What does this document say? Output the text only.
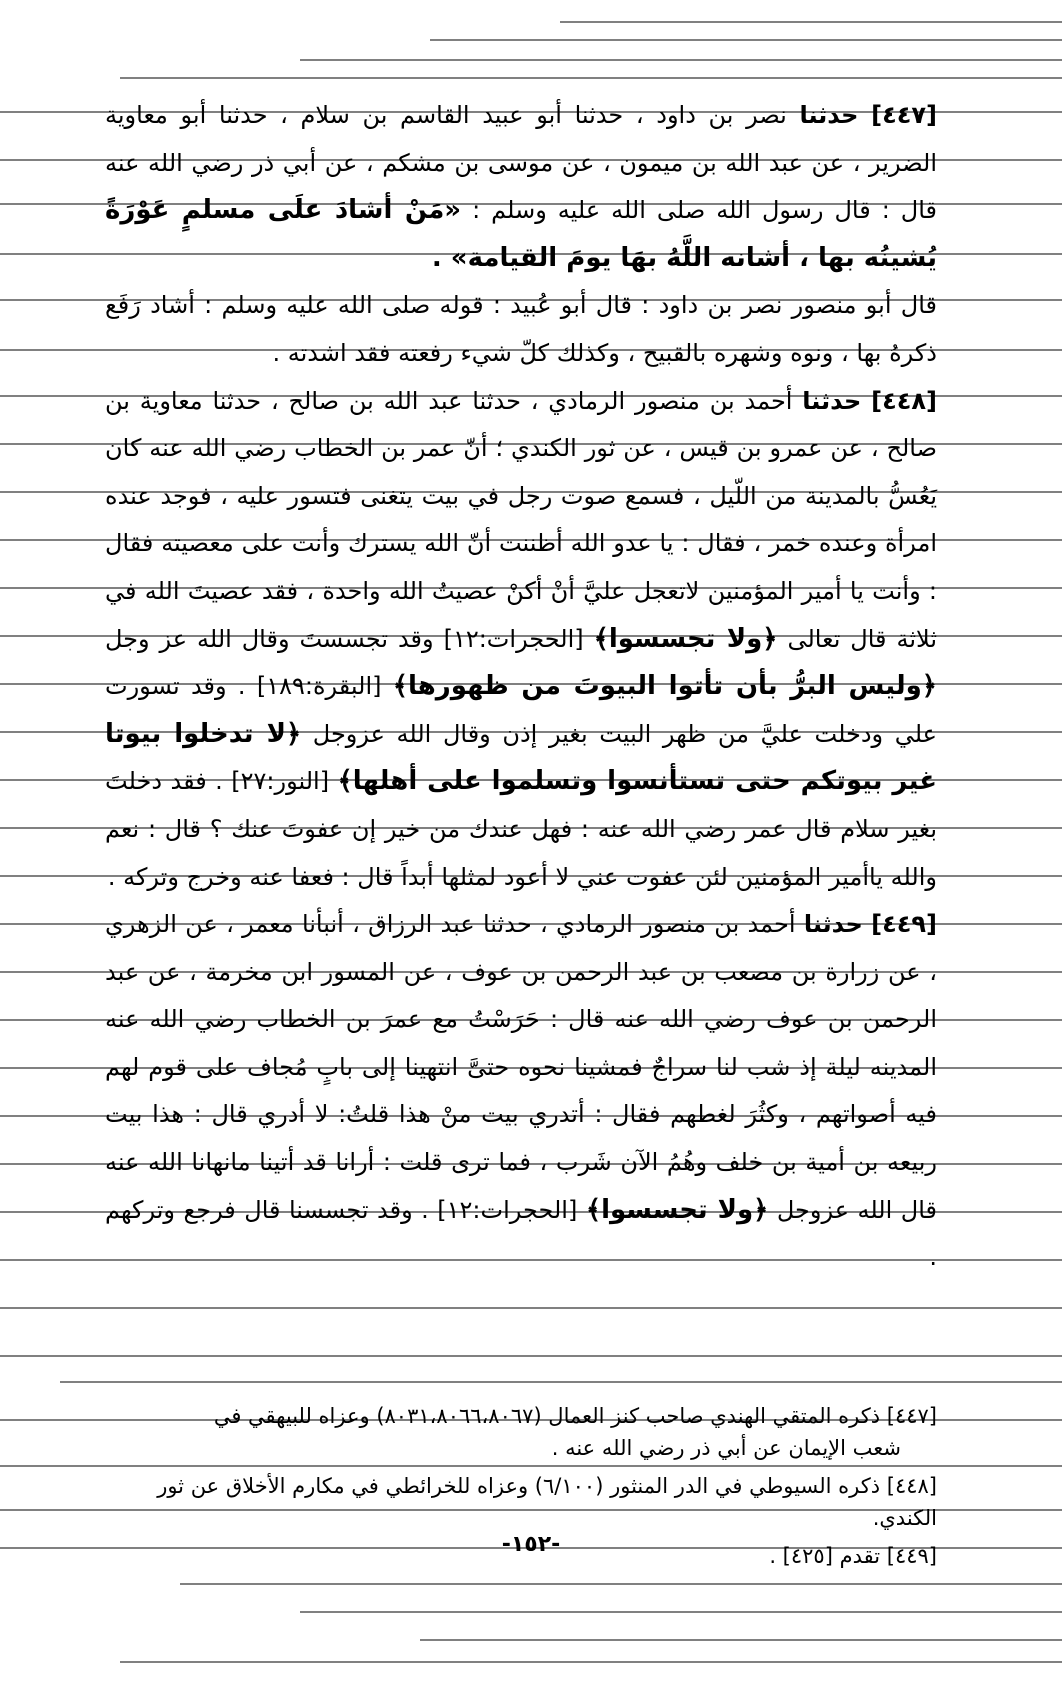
[٤٤٧] حدثنا نصر بن داود ، حدثنا أبو عبيد القاسم بن سلام ، حدثنا أبو معاوية الضرير ، عن عبد الله بن ميمون ، عن موسى بن مشكم ، عن أبي ذر رضي الله عنه قال : قال رسول الله صلى الله عليه وسلم : «مَنْ أشادَ علَى مسلمٍ عَوْرَةً يُشينُه بها ، أشانه اللَّهُ بهَا يومَ القيامة» .

قال أبو منصور نصر بن داود : قال أبو عُبيد : قوله صلى الله عليه وسلم : أشاد رَفَع ذكرهُ بها ، ونوه وشهره بالقبيح ، وكذلك كلّ شيء رفعته فقد اشدته .

[٤٤٨] حدثنا أحمد بن منصور الرمادي ، حدثنا عبد الله بن صالح ، حدثنا معاوية بن صالح ، عن عمرو بن قيس ، عن ثور الكندي ؛ أنّ عمر بن الخطاب رضي الله عنه كان يَعُسُّ بالمدينة من اللّيل ، فسمع صوت رجل في بيت يتغنى فتسور عليه ، فوجد عنده امرأة وعنده خمر ، فقال : يا عدو الله أظننت أنّ الله يسترك وأنت على معصيته فقال : وأنت يا أمير المؤمنين لاتعجل عليَّ أنْ أكنْ عصيتُ الله واحدة ، فقد عصيتَ الله في ثلاثة قال تعالى ﴿ولا تجسسوا﴾ [الحجرات:١٢] وقد تجسستَ وقال الله عز وجل ﴿وليس البرُّ بأن تأتوا البيوتَ من ظهورها﴾ [البقرة:١٨٩] . وقد تسورت علي ودخلت عليَّ من ظهر البيت بغير إذن وقال الله عزوجل ﴿لا تدخلوا بيوتا غير بيوتكم حتى تستأنسوا وتسلموا على أهلها﴾ [النور:٢٧] . فقد دخلتَ بغير سلام قال عمر رضي الله عنه : فهل عندك من خير إن عفوتَ عنك ؟ قال : نعم والله ياأمير المؤمنين لئن عفوت عني لا أعود لمثلها أبداً قال : فعفا عنه وخرج وتركه .

[٤٤٩] حدثنا أحمد بن منصور الرمادي ، حدثنا عبد الرزاق ، أنبأنا معمر ، عن الزهري ، عن زرارة بن مصعب بن عبد الرحمن بن عوف ، عن المسور ابن مخرمة ، عن عبد الرحمن بن عوف رضي الله عنه قال : حَرَسْتُ مع عمرَ بن الخطاب رضي الله عنه المدينه ليلة إذ شب لنا سراجٌ فمشينا نحوه حتىَّ انتهينا إلى بابٍ مُجاف على قوم لهم فيه أصواتهم ، وكثُرَ لغطهم فقال : أتدري بيت منْ هذا قلتُ: لا أدري قال : هذا بيت ربيعه بن أمية بن خلف وهُمُ الآن شَرب ، فما ترى قلت : أرانا قد أتينا مانهانا الله عنه قال الله عزوجل ﴿ولا تجسسوا﴾ [الحجرات:١٢] . وقد تجسسنا قال فرجع وتركهم .

[٤٤٧] ذكره المتقي الهندي صاحب كنز العمال (٨٠٣١،٨٠٦٦،٨٠٦٧) وعزاه للبيهقي في
شعب الإيمان عن أبي ذر رضي الله عنه .

[٤٤٨] ذكره السيوطي في الدر المنثور (٦/١٠٠) وعزاه للخرائطي في مكارم الأخلاق عن ثور الكندي.

[٤٤٩] تقدم [٤٢٥] .

-١٥٢-
